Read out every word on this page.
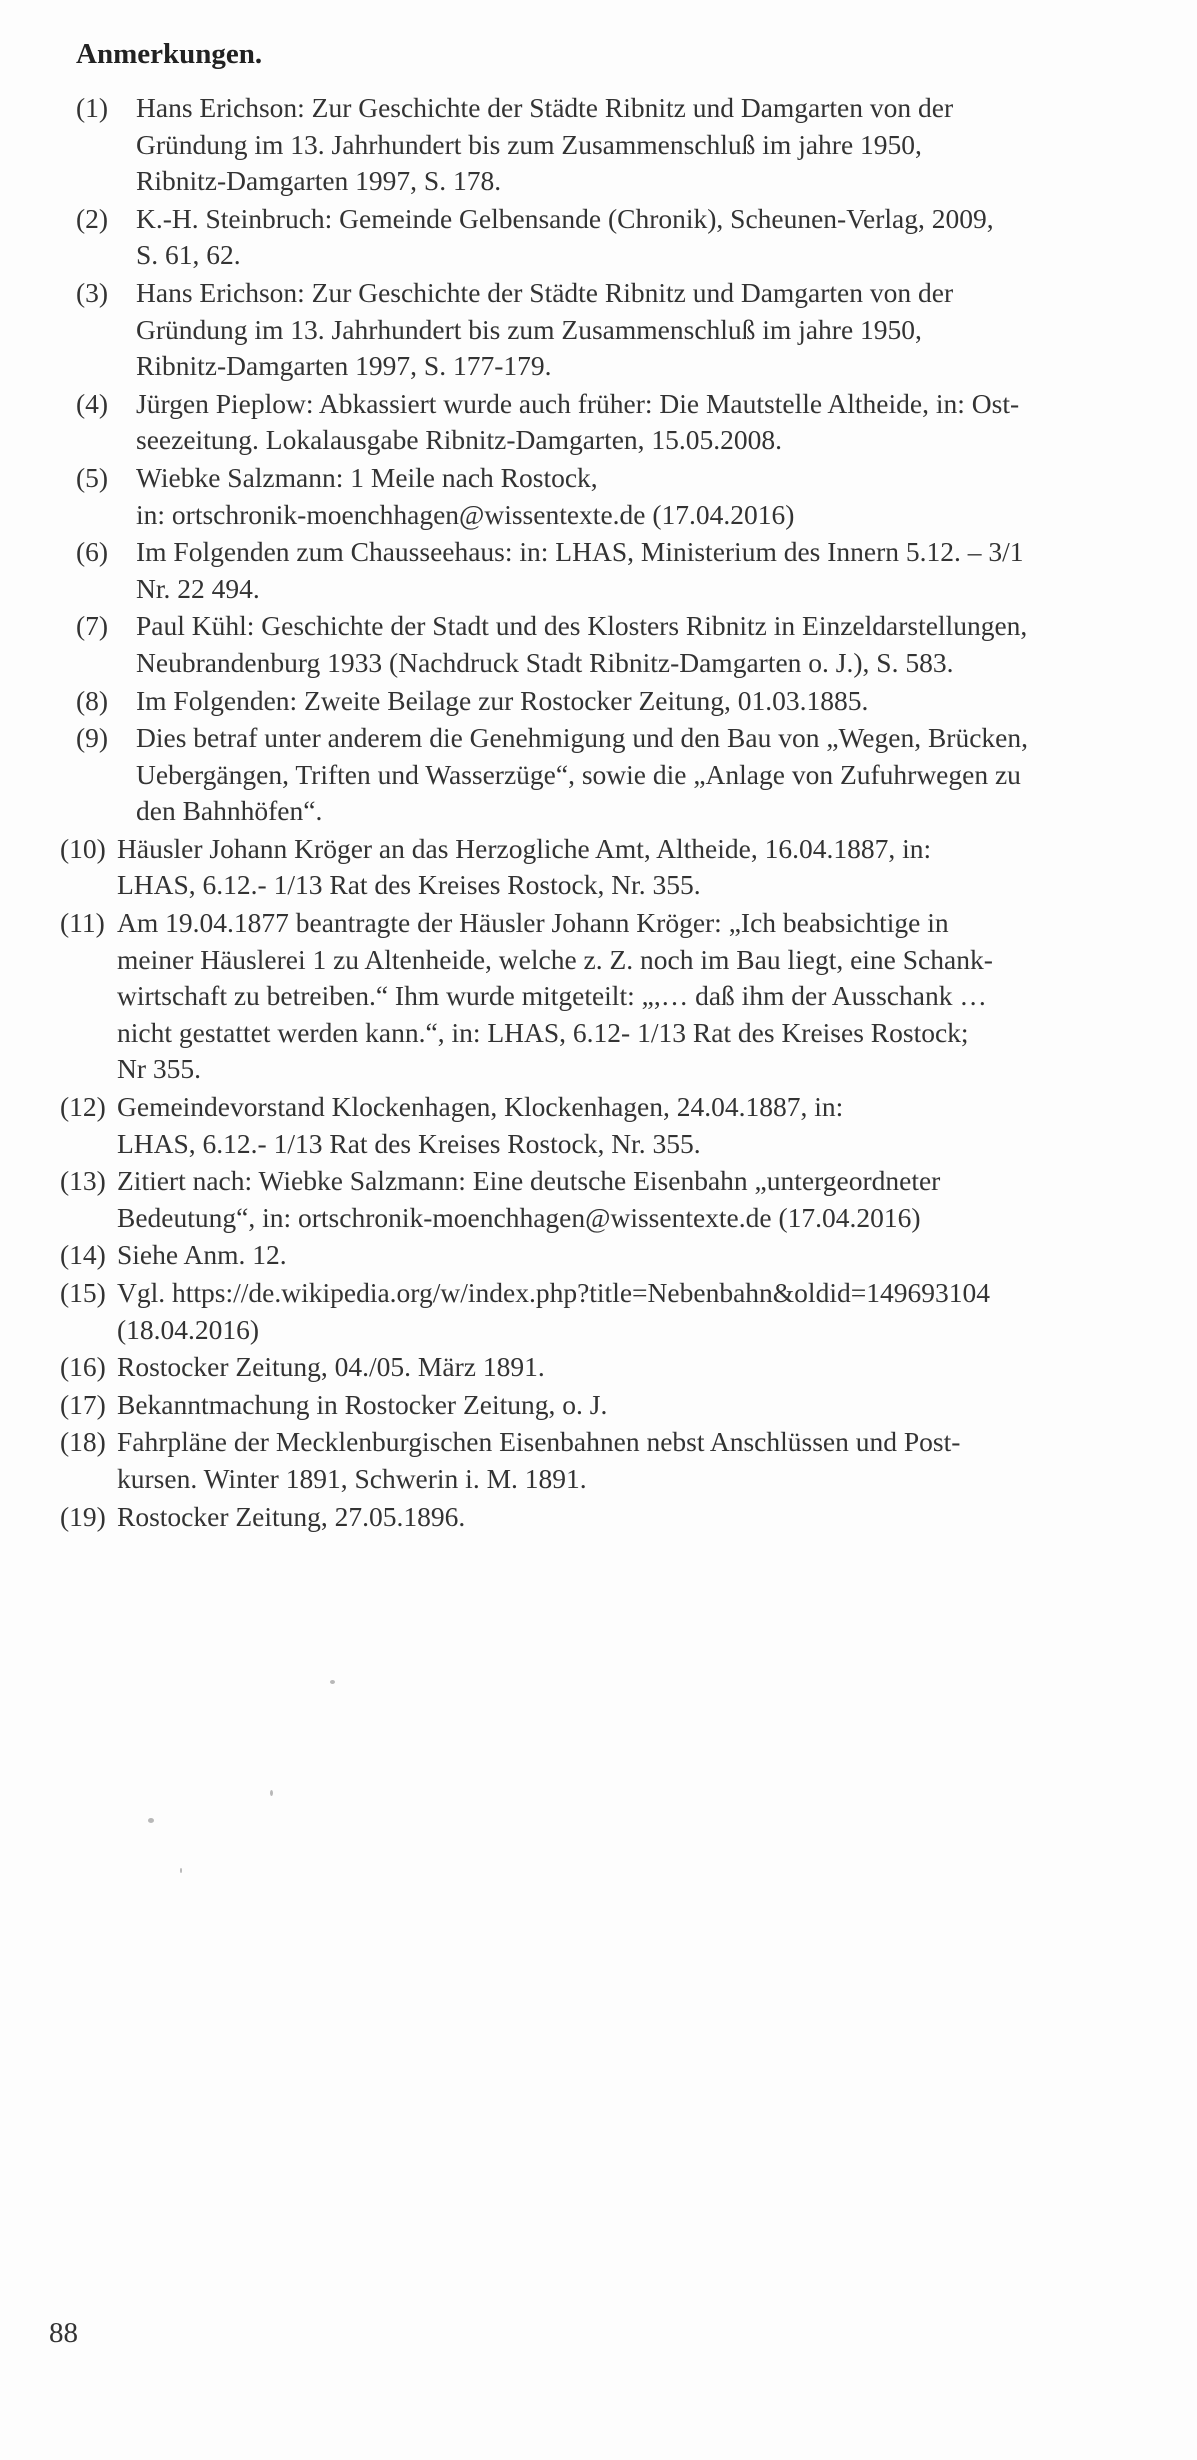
Anmerkungen.
(1) Hans Erichson: Zur Geschichte der Städte Ribnitz und Damgarten von der
Gründung im 13. Jahrhundert bis zum Zusammenschluß im jahre 1950,
Ribnitz-Damgarten 1997, S. 178.
(2) K.-H. Steinbruch: Gemeinde Gelbensande (Chronik), Scheunen-Verlag, 2009,
S. 61, 62.
(3) Hans Erichson: Zur Geschichte der Städte Ribnitz und Damgarten von der
Gründung im 13. Jahrhundert bis zum Zusammenschluß im jahre 1950,
Ribnitz-Damgarten 1997, S. 177-179.
(4) Jürgen Pieplow: Abkassiert wurde auch früher: Die Mautstelle Altheide, in: Ost-
seezeitung. Lokalausgabe Ribnitz-Damgarten, 15.05.2008.
(5) Wiebke Salzmann: 1 Meile nach Rostock,
in: ortschronik-moenchhagen@wissentexte.de (17.04.2016)
(6) Im Folgenden zum Chausseehaus: in: LHAS, Ministerium des Innern 5.12. – 3/1
Nr. 22 494.
(7) Paul Kühl: Geschichte der Stadt und des Klosters Ribnitz in Einzeldarstellungen,
Neubrandenburg 1933 (Nachdruck Stadt Ribnitz-Damgarten o. J.), S. 583.
(8) Im Folgenden: Zweite Beilage zur Rostocker Zeitung, 01.03.1885.
(9) Dies betraf unter anderem die Genehmigung und den Bau von „Wegen, Brücken,
Uebergängen, Triften und Wasserzüge“, sowie die „Anlage von Zufuhrwegen zu
den Bahnhöfen“.
(10) Häusler Johann Kröger an das Herzogliche Amt, Altheide, 16.04.1887, in:
LHAS, 6.12.- 1/13 Rat des Kreises Rostock, Nr. 355.
(11) Am 19.04.1877 beantragte der Häusler Johann Kröger: „Ich beabsichtige in
meiner Häuslerei 1 zu Altenheide, welche z. Z. noch im Bau liegt, eine Schank-
wirtschaft zu betreiben.“ Ihm wurde mitgeteilt: „,… daß ihm der Ausschank …
nicht gestattet werden kann.“, in: LHAS, 6.12- 1/13 Rat des Kreises Rostock;
Nr 355.
(12) Gemeindevorstand Klockenhagen, Klockenhagen, 24.04.1887, in:
LHAS, 6.12.- 1/13 Rat des Kreises Rostock, Nr. 355.
(13) Zitiert nach: Wiebke Salzmann: Eine deutsche Eisenbahn „untergeordneter
Bedeutung“, in: ortschronik-moenchhagen@wissentexte.de (17.04.2016)
(14) Siehe Anm. 12.
(15) Vgl. https://de.wikipedia.org/w/index.php?title=Nebenbahn&oldid=149693104
(18.04.2016)
(16) Rostocker Zeitung, 04./05. März 1891.
(17) Bekanntmachung in Rostocker Zeitung, o. J.
(18) Fahrpläne der Mecklenburgischen Eisenbahnen nebst Anschlüssen und Post-
kursen. Winter 1891, Schwerin i. M. 1891.
(19) Rostocker Zeitung, 27.05.1896.
88
